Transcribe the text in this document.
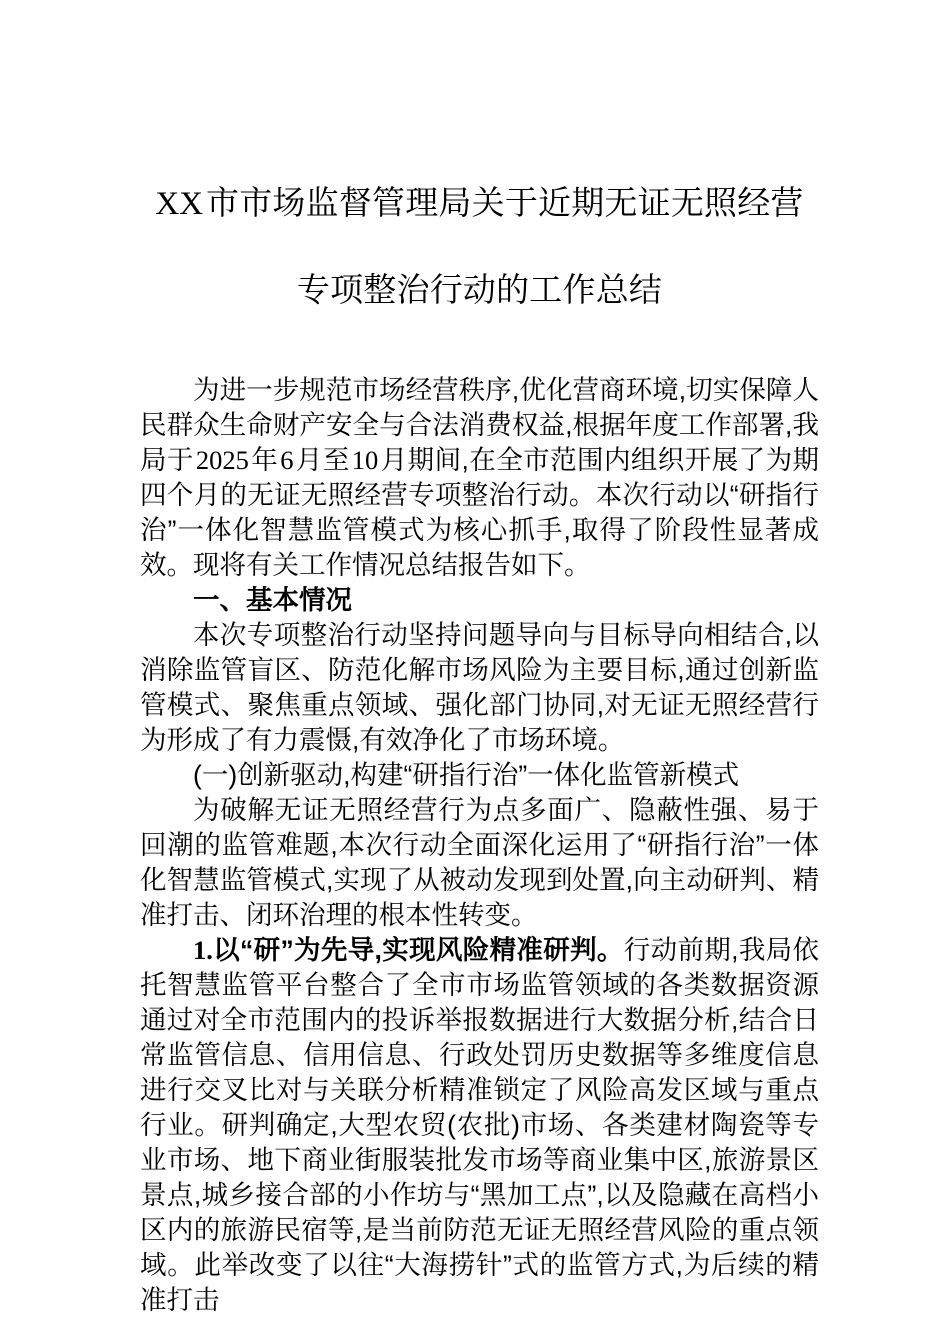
XX市市场监督管理局关于近期无证无照经营专项整治行动的工作总结

为进一步规范市场经营秩序,优化营商环境,切实保障人民群众生命财产安全与合法消费权益,根据年度工作部署,我局于2025年6月至10月期间,在全市范围内组织开展了为期四个月的无证无照经营专项整治行动。本次行动以“研指行治”一体化智慧监管模式为核心抓手,取得了阶段性显著成效。现将有关工作情况总结报告如下。

一、基本情况

本次专项整治行动坚持问题导向与目标导向相结合,以消除监管盲区、防范化解市场风险为主要目标,通过创新监管模式、聚焦重点领域、强化部门协同,对无证无照经营行为形成了有力震慑,有效净化了市场环境。

(一)创新驱动,构建“研指行治”一体化监管新模式

为破解无证无照经营行为点多面广、隐蔽性强、易于回潮的监管难题,本次行动全面深化运用了“研指行治”一体化智慧监管模式,实现了从被动发现到处置,向主动研判、精准打击、闭环治理的根本性转变。

1.以“研”为先导,实现风险精准研判。行动前期,我局依托智慧监管平台整合了全市市场监管领域的各类数据资源通过对全市范围内的投诉举报数据进行大数据分析,结合日常监管信息、信用信息、行政处罚历史数据等多维度信息进行交叉比对与关联分析精准锁定了风险高发区域与重点行业。研判确定,大型农贸(农批)市场、各类建材陶瓷等专业市场、地下商业街服装批发市场等商业集中区,旅游景区景点,城乡接合部的小作坊与“黑加工点”,以及隐藏在高档小区内的旅游民宿等,是当前防范无证无照经营风险的重点领域。此举改变了以往“大海捞针”式的监管方式,为后续的精准打击
